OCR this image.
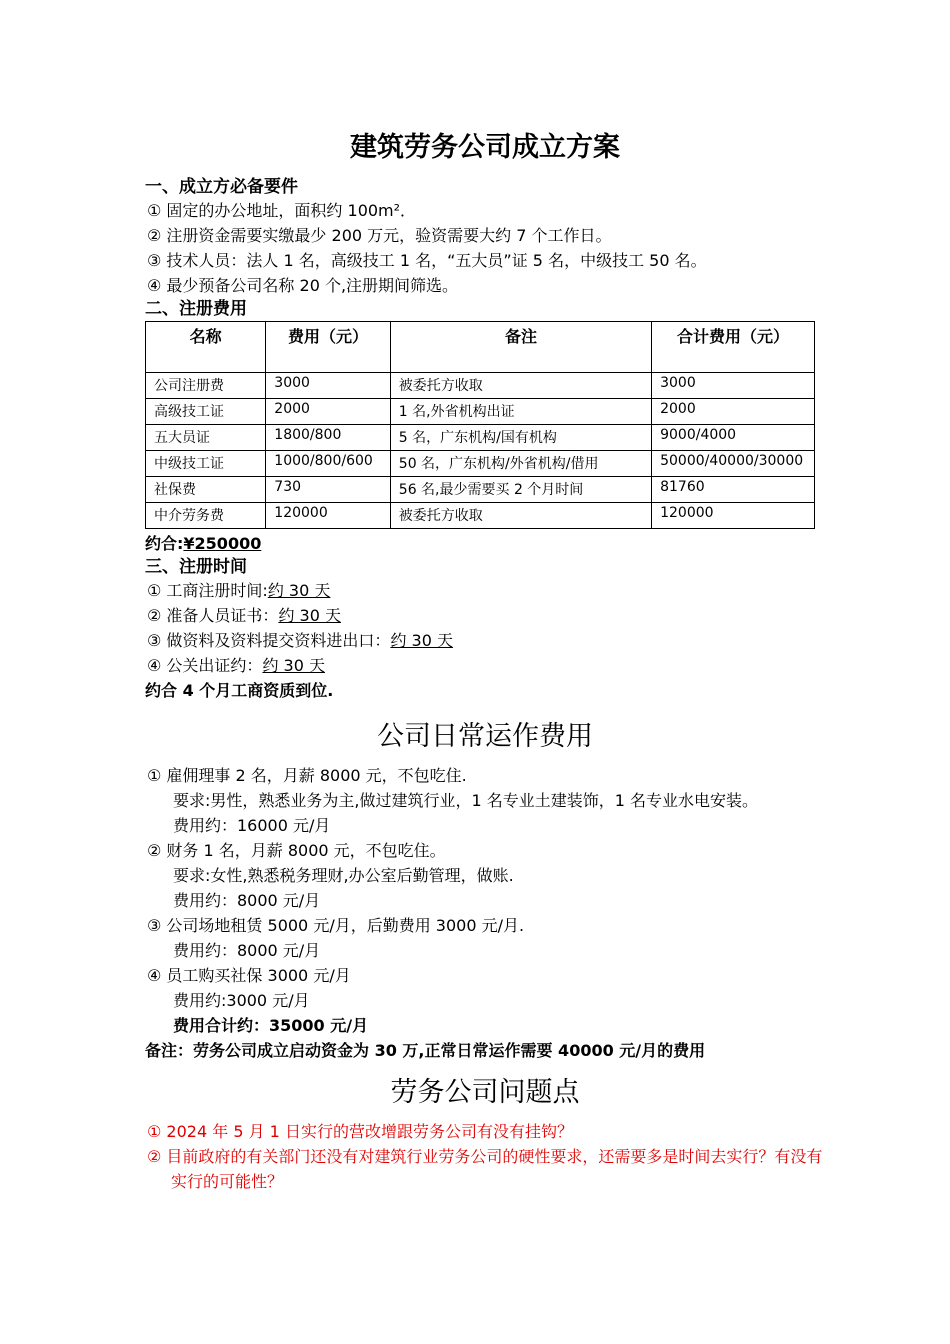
建筑劳务公司成立方案
一、成立方必备要件
① 固定的办公地址，面积约 100m²．
② 注册资金需要实缴最少 200 万元，验资需要大约 7 个工作日。
③ 技术人员：法人 1 名，高级技工 1 名，“五大员”证 5 名，中级技工 50 名。
④ 最少预备公司名称 20 个,注册期间筛选。
二、注册费用
名称	费用（元）	备注	合计费用（元）
公司注册费	3000	被委托方收取	3000
高级技工证	2000	1 名,外省机构出证	2000
五大员证	1800/800	5 名，广东机构/国有机构	9000/4000
中级技工证	1000/800/600	50 名，广东机构/外省机构/借用	50000/40000/30000
社保费	730	56 名,最少需要买 2 个月时间	81760
中介劳务费	120000	被委托方收取	120000
约合:¥250000
三、注册时间
① 工商注册时间:约 30 天
② 准备人员证书：约 30 天
③ 做资料及资料提交资料进出口：约 30 天
④ 公关出证约：约 30 天
约合 4 个月工商资质到位.
公司日常运作费用
① 雇佣理事 2 名，月薪 8000 元，不包吃住.
要求:男性，熟悉业务为主,做过建筑行业，1 名专业土建装饰，1 名专业水电安装。
费用约：16000 元/月
② 财务 1 名，月薪 8000 元，不包吃住。
要求:女性,熟悉税务理财,办公室后勤管理，做账.
费用约：8000 元/月
③ 公司场地租赁 5000 元/月，后勤费用 3000 元/月.
费用约：8000 元/月
④ 员工购买社保 3000 元/月
费用约:3000 元/月
费用合计约：35000 元/月
备注：劳务公司成立启动资金为 30 万,正常日常运作需要 40000 元/月的费用
劳务公司问题点
① 2024 年 5 月 1 日实行的营改增跟劳务公司有没有挂钩？
② 目前政府的有关部门还没有对建筑行业劳务公司的硬性要求，还需要多是时间去实行？有没有实行的可能性？
